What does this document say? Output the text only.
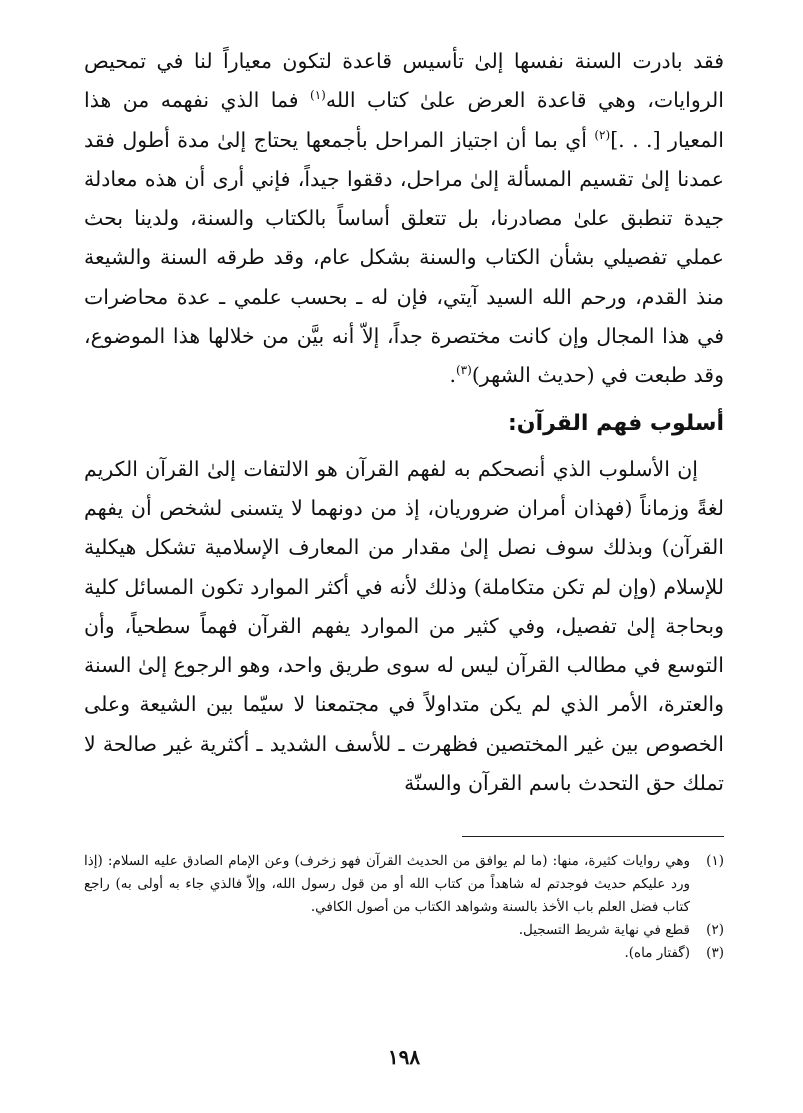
فقد بادرت السنة نفسها إلىٰ تأسيس قاعدة لتكون معياراً لنا في تمحيص الروايات، وهي قاعدة العرض علىٰ كتاب الله$^{(١)}$ فما الذي نفهمه من هذا المعيار [. . .]$^{(٢)}$ أي بما أن اجتياز المراحل بأجمعها يحتاج إلىٰ مدة أطول فقد عمدنا إلىٰ تقسيم المسألة إلىٰ مراحل، دققوا جيداً، فإني أرى أن هذه معادلة جيدة تنطبق علىٰ مصادرنا، بل تتعلق أساساً بالكتاب والسنة، ولدينا بحث عملي تفصيلي بشأن الكتاب والسنة بشكل عام، وقد طرقه السنة والشيعة منذ القدم، ورحم الله السيد آيتي، فإن له ـ بحسب علمي ـ عدة محاضرات في هذا المجال وإن كانت مختصرة جداً، إلاّ أنه بيَّن من خلالها هذا الموضوع، وقد طبعت في (حديث الشهر)$^{(٣)}$.

أسلوب فهم القرآن:

إن الأسلوب الذي أنصحكم به لفهم القرآن هو الالتفات إلىٰ القرآن الكريم لغةً وزماناً (فهذان أمران ضروريان، إذ من دونهما لا يتسنى لشخص أن يفهم القرآن) وبذلك سوف نصل إلىٰ مقدار من المعارف الإسلامية تشكل هيكلية للإسلام (وإن لم تكن متكاملة) وذلك لأنه في أكثر الموارد تكون المسائل كلية وبحاجة إلىٰ تفصيل، وفي كثير من الموارد يفهم القرآن فهماً سطحياً، وأن التوسع في مطالب القرآن ليس له سوى طريق واحد، وهو الرجوع إلىٰ السنة والعترة، الأمر الذي لم يكن متداولاً في مجتمعنا لا سيّما بين الشيعة وعلى الخصوص بين غير المختصين فظهرت ـ للأسف الشديد ـ أكثرية غير صالحة لا تملك حق التحدث باسم القرآن والسنّة

(١)
وهي روايات كثيرة، منها: (ما لم يوافق من الحديث القرآن فهو زخرف) وعن الإمام الصادق عليه السلام: (إذا ورد عليكم حديث فوجدتم له شاهداً من كتاب الله أو من قول رسول الله، وإلاّ فالذي جاء به أولى به) راجع كتاب فضل العلم باب الأخذ بالسنة وشواهد الكتاب من أصول الكافي.
(٢)
قطع في نهاية شريط التسجيل.
(٣)
(گفتار ماه).
١٩٨
